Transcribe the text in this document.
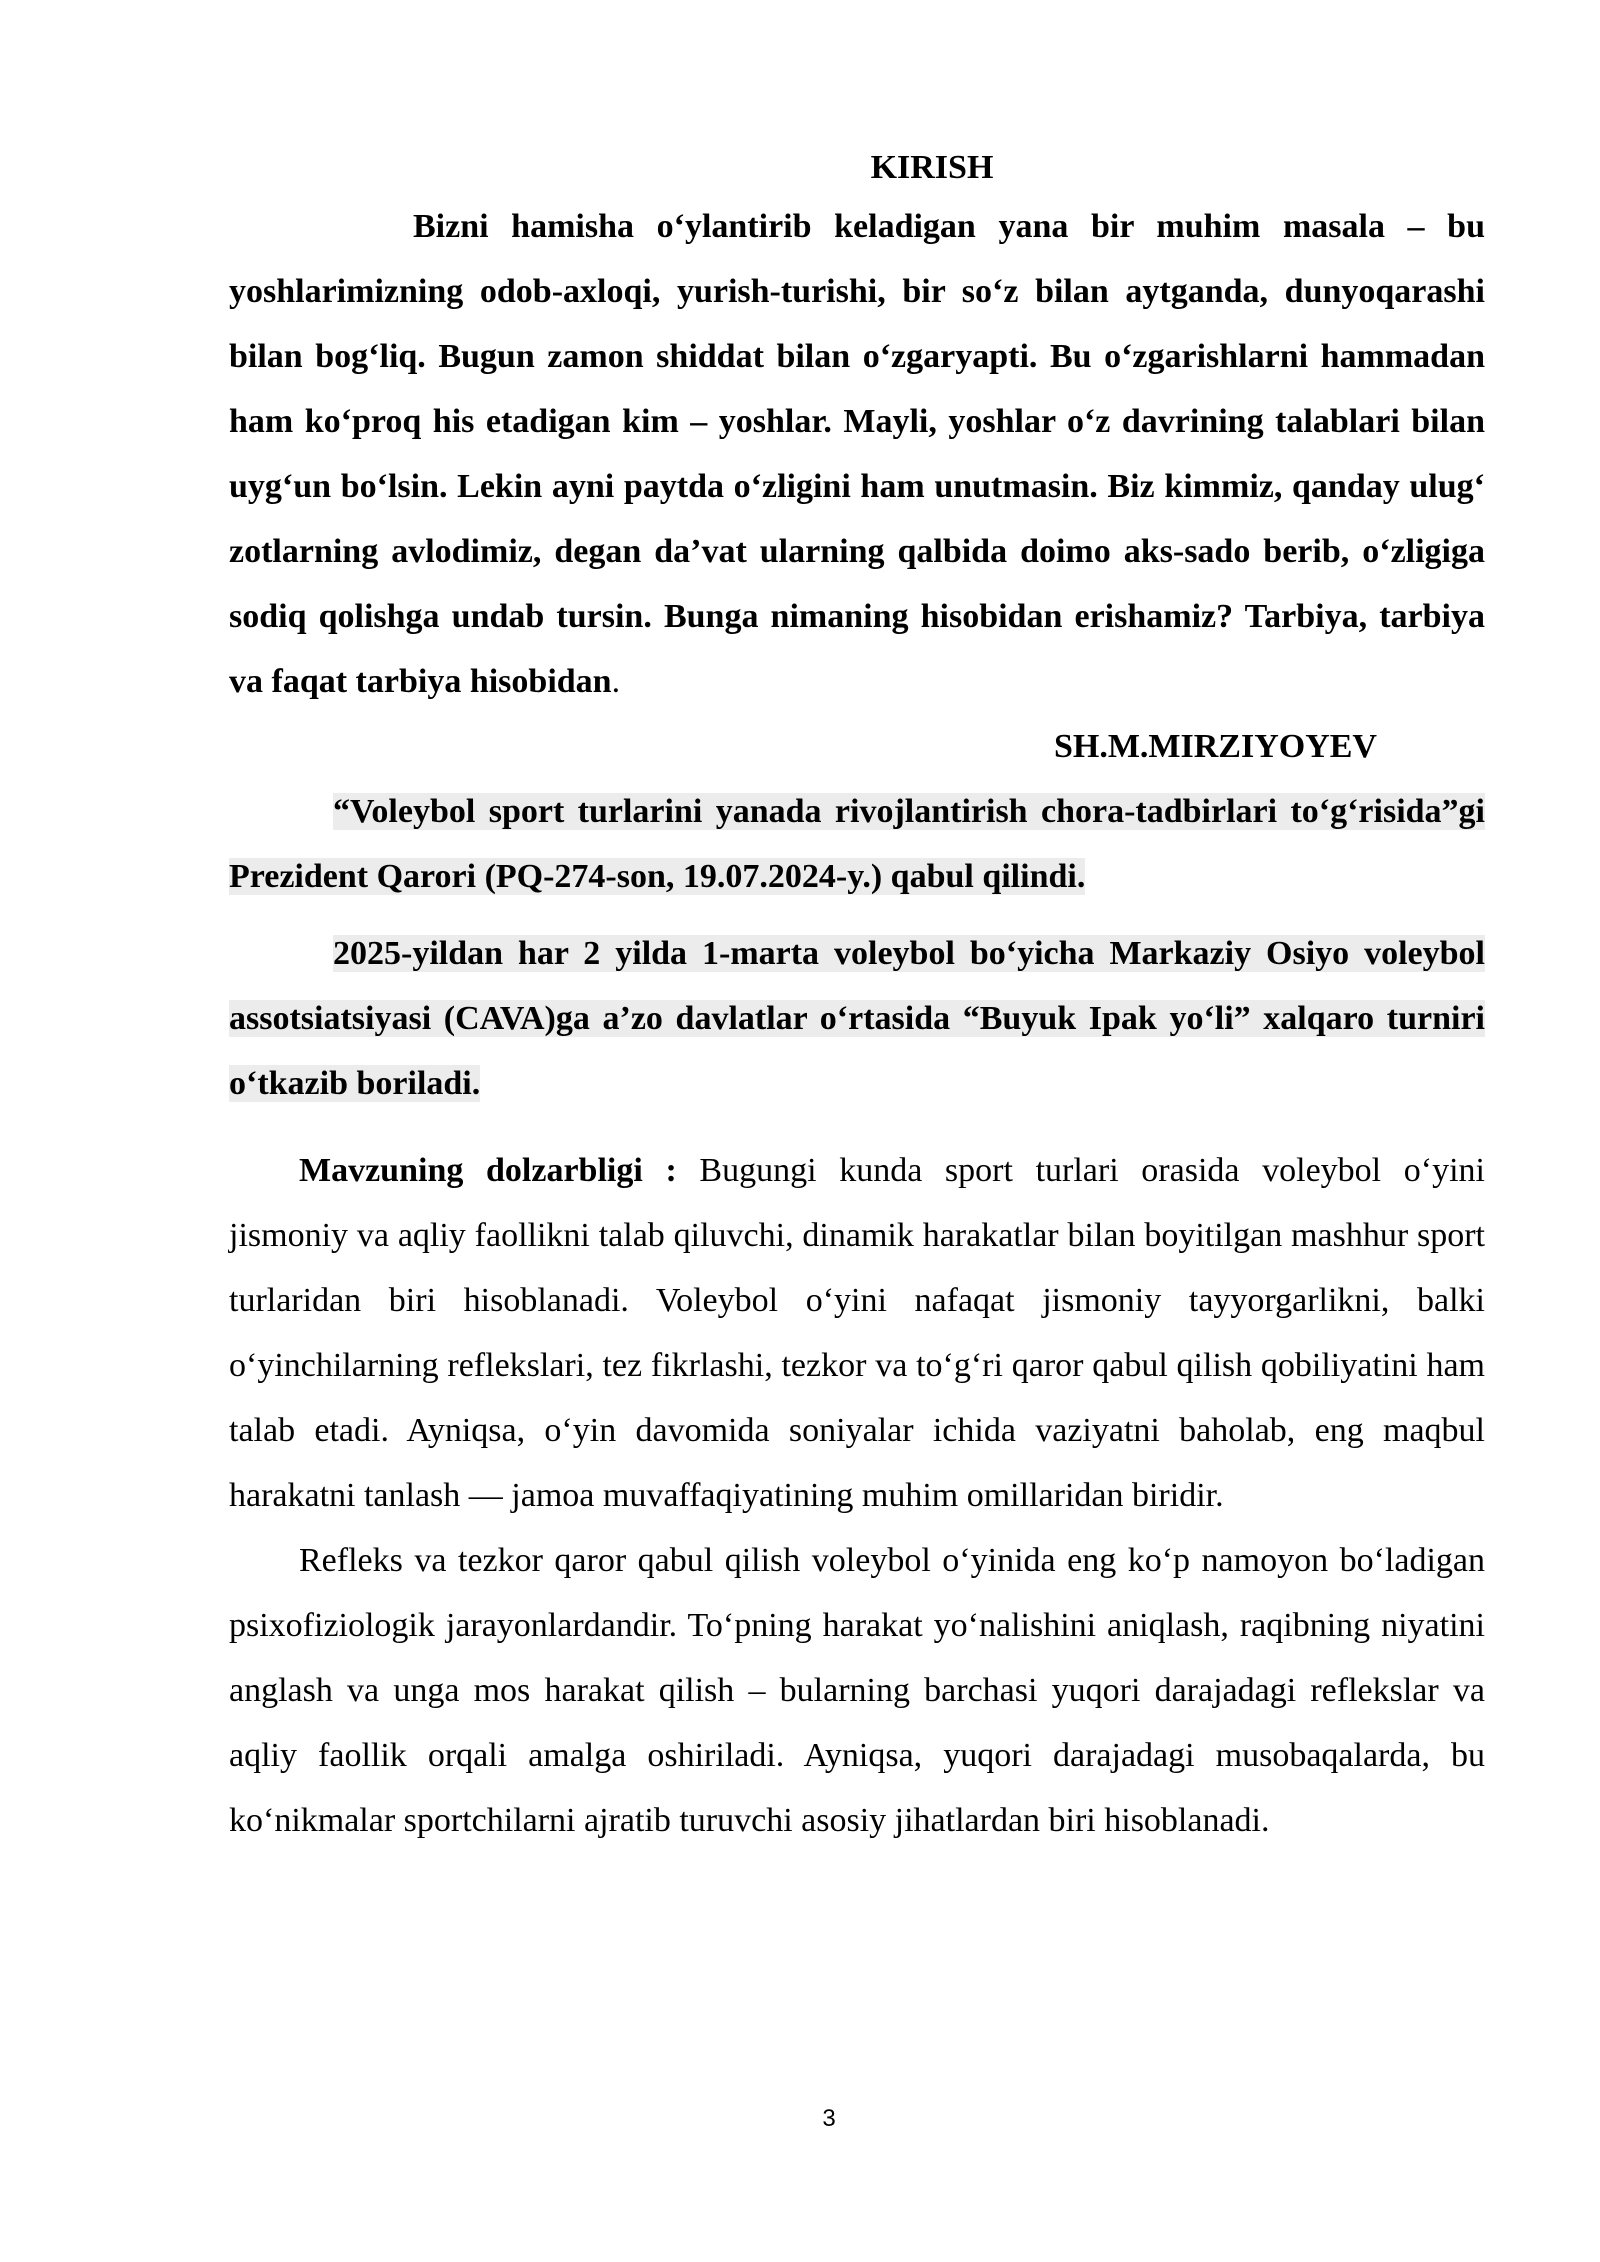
KIRISH

Bizni hamisha o‘ylantirib keladigan yana bir muhim masala – bu yoshlarimizning odob-axloqi, yurish-turishi, bir so‘z bilan aytganda, dunyoqarashi bilan bog‘liq. Bugun zamon shiddat bilan o‘zgaryapti. Bu o‘zgarishlarni hammadan ham ko‘proq his etadigan kim – yoshlar. Mayli, yoshlar o‘z davrining talablari bilan uyg‘un bo‘lsin. Lekin ayni paytda o‘zligini ham unutmasin. Biz kimmiz, qanday ulug‘ zotlarning avlodimiz, degan da’vat ularning qalbida doimo aks-sado berib, o‘zligiga sodiq qolishga undab tursin. Bunga nimaning hisobidan erishamiz? Tarbiya, tarbiya va faqat tarbiya hisobidan.

SH.M.MIRZIYOYEV

“Voleybol sport turlarini yanada rivojlantirish chora-tadbirlari to‘g‘risida”gi Prezident Qarori (PQ-274-son, 19.07.2024-y.) qabul qilindi.

2025-yildan har 2 yilda 1-marta voleybol bo‘yicha Markaziy Osiyo voleybol assotsiatsiyasi (CAVA)ga a’zo davlatlar o‘rtasida “Buyuk Ipak yo‘li” xalqaro turniri o‘tkazib boriladi.

Mavzuning dolzarbligi : Bugungi kunda sport turlari orasida voleybol o‘yini jismoniy va aqliy faollikni talab qiluvchi, dinamik harakatlar bilan boyitilgan mashhur sport turlaridan biri hisoblanadi. Voleybol o‘yini nafaqat jismoniy tayyorgarlikni, balki o‘yinchilarning reflekslari, tez fikrlashi, tezkor va to‘g‘ri qaror qabul qilish qobiliyatini ham talab etadi. Ayniqsa, o‘yin davomida soniyalar ichida vaziyatni baholab, eng maqbul harakatni tanlash — jamoa muvaffaqiyatining muhim omillaridan biridir.

Refleks va tezkor qaror qabul qilish voleybol o‘yinida eng ko‘p namoyon bo‘ladigan psixofiziologik jarayonlardandir. To‘pning harakat yo‘nalishini aniqlash, raqibning niyatini anglash va unga mos harakat qilish – bularning barchasi yuqori darajadagi reflekslar va aqliy faollik orqali amalga oshiriladi. Ayniqsa, yuqori darajadagi musobaqalarda, bu ko‘nikmalar sportchilarni ajratib turuvchi asosiy jihatlardan biri hisoblanadi.

3
